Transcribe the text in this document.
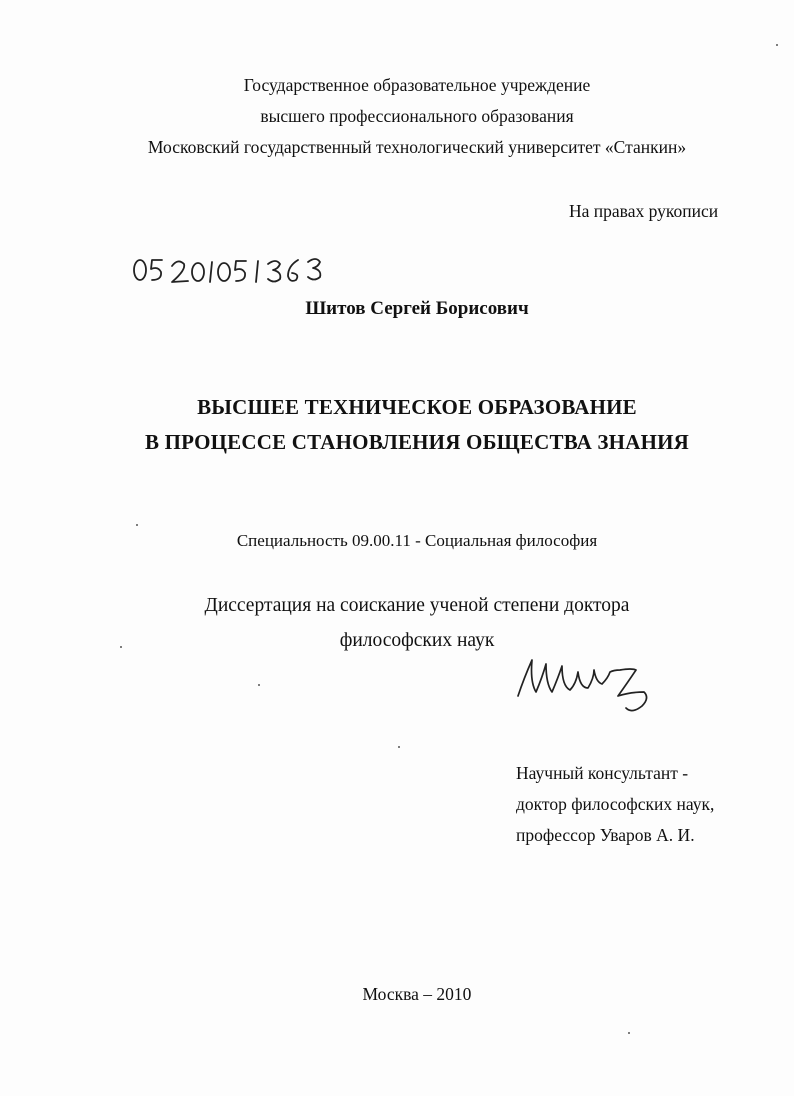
Государственное образовательное учреждение
высшего профессионального образования
Московский государственный технологический университет «Станкин»
На правах рукописи
Шитов Сергей Борисович
ВЫСШЕЕ ТЕХНИЧЕСКОЕ ОБРАЗОВАНИЕ
В ПРОЦЕССЕ СТАНОВЛЕНИЯ ОБЩЕСТВА ЗНАНИЯ
Специальность 09.00.11 - Социальная философия
Диссертация на соискание ученой степени доктора
философских наук
Научный консультант -
доктор философских наук,
профессор Уваров А. И.
Москва – 2010
